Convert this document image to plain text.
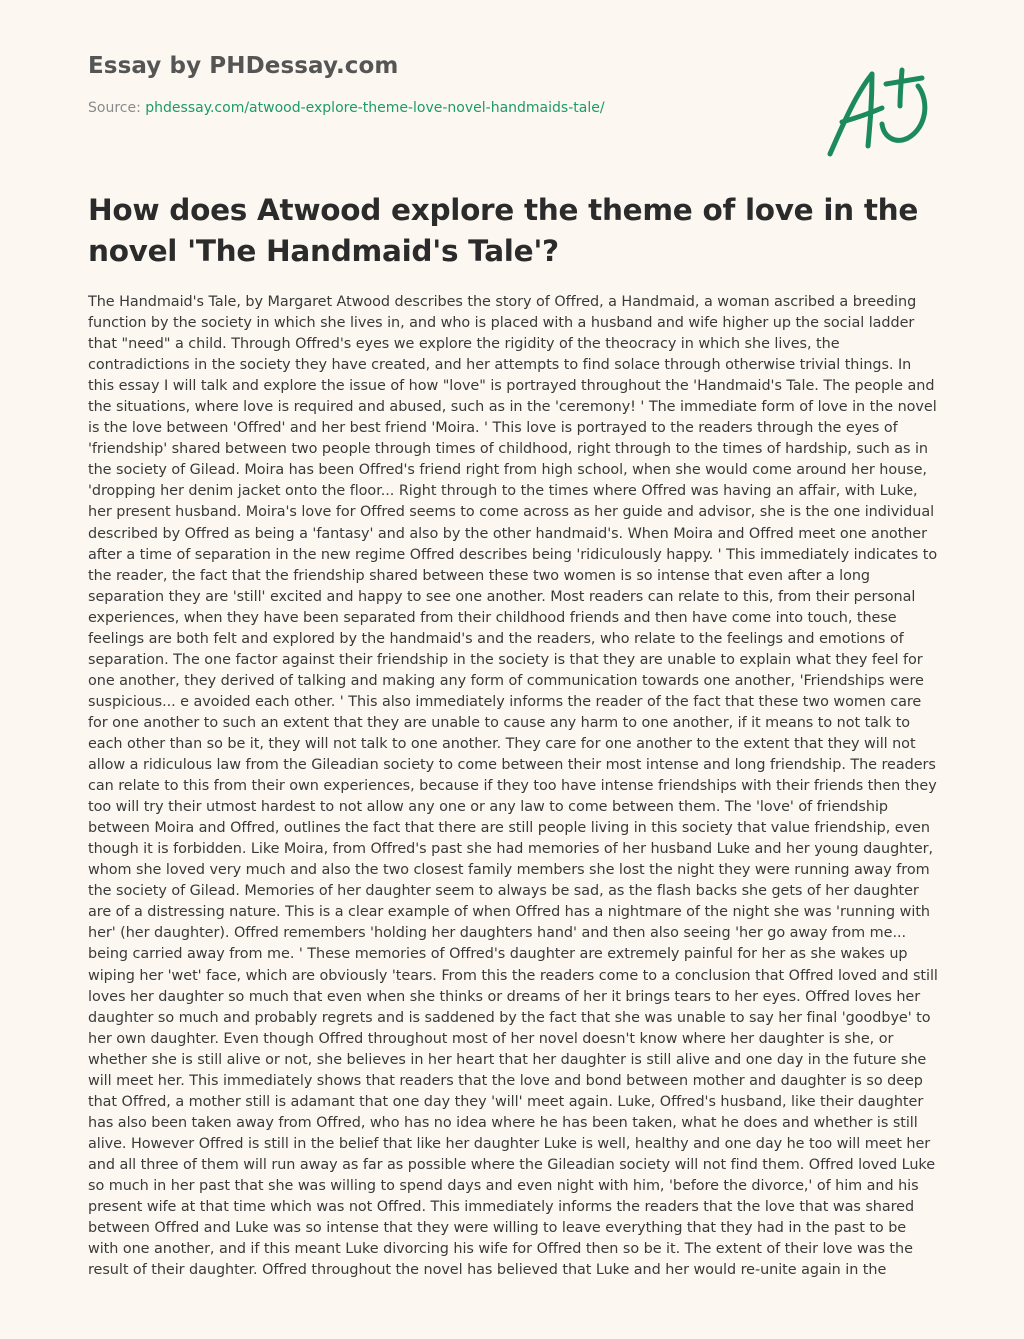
Essay by PHDessay.com
Source: phdessay.com/atwood-explore-theme-love-novel-handmaids-tale/
How does Atwood explore the theme of love in the novel 'The Handmaid's Tale'?

The Handmaid's Tale, by Margaret Atwood describes the story of Offred, a Handmaid, a woman ascribed a breeding function by the society in which she lives in, and who is placed with a husband and wife higher up the social ladder that "need" a child. Through Offred's eyes we explore the rigidity of the theocracy in which she lives, the contradictions in the society they have created, and her attempts to find solace through otherwise trivial things. In this essay I will talk and explore the issue of how "love" is portrayed throughout the 'Handmaid's Tale. The people and the situations, where love is required and abused, such as in the 'ceremony! ' The immediate form of love in the novel is the love between 'Offred' and her best friend 'Moira. ' This love is portrayed to the readers through the eyes of 'friendship' shared between two people through times of childhood, right through to the times of hardship, such as in the society of Gilead. Moira has been Offred's friend right from high school, when she would come around her house, 'dropping her denim jacket onto the floor... Right through to the times where Offred was having an affair, with Luke, her present husband. Moira's love for Offred seems to come across as her guide and advisor, she is the one individual described by Offred as being a 'fantasy' and also by the other handmaid's. When Moira and Offred meet one another after a time of separation in the new regime Offred describes being 'ridiculously happy. ' This immediately indicates to the reader, the fact that the friendship shared between these two women is so intense that even after a long separation they are 'still' excited and happy to see one another. Most readers can relate to this, from their personal experiences, when they have been separated from their childhood friends and then have come into touch, these feelings are both felt and explored by the handmaid's and the readers, who relate to the feelings and emotions of separation. The one factor against their friendship in the society is that they are unable to explain what they feel for one another, they derived of talking and making any form of communication towards one another, 'Friendships were suspicious... e avoided each other. ' This also immediately informs the reader of the fact that these two women care for one another to such an extent that they are unable to cause any harm to one another, if it means to not talk to each other than so be it, they will not talk to one another. They care for one another to the extent that they will not allow a ridiculous law from the Gileadian society to come between their most intense and long friendship. The readers can relate to this from their own experiences, because if they too have intense friendships with their friends then they too will try their utmost hardest to not allow any one or any law to come between them. The 'love' of friendship between Moira and Offred, outlines the fact that there are still people living in this society that value friendship, even though it is forbidden. Like Moira, from Offred's past she had memories of her husband Luke and her young daughter, whom she loved very much and also the two closest family members she lost the night they were running away from the society of Gilead. Memories of her daughter seem to always be sad, as the flash backs she gets of her daughter are of a distressing nature. This is a clear example of when Offred has a nightmare of the night she was 'running with her' (her daughter). Offred remembers 'holding her daughters hand' and then also seeing 'her go away from me... being carried away from me. ' These memories of Offred's daughter are extremely painful for her as she wakes up wiping her 'wet' face, which are obviously 'tears. From this the readers come to a conclusion that Offred loved and still loves her daughter so much that even when she thinks or dreams of her it brings tears to her eyes. Offred loves her daughter so much and probably regrets and is saddened by the fact that she was unable to say her final 'goodbye' to her own daughter. Even though Offred throughout most of her novel doesn't know where her daughter is she, or whether she is still alive or not, she believes in her heart that her daughter is still alive and one day in the future she will meet her. This immediately shows that readers that the love and bond between mother and daughter is so deep that Offred, a mother still is adamant that one day they 'will' meet again. Luke, Offred's husband, like their daughter has also been taken away from Offred, who has no idea where he has been taken, what he does and whether is still alive. However Offred is still in the belief that like her daughter Luke is well, healthy and one day he too will meet her and all three of them will run away as far as possible where the Gileadian society will not find them. Offred loved Luke so much in her past that she was willing to spend days and even night with him, 'before the divorce,' of him and his present wife at that time which was not Offred. This immediately informs the readers that the love that was shared between Offred and Luke was so intense that they were willing to leave everything that they had in the past to be with one another, and if this meant Luke divorcing his wife for Offred then so be it. The extent of their love was the result of their daughter. Offred throughout the novel has believed that Luke and her would re-unite again in the
